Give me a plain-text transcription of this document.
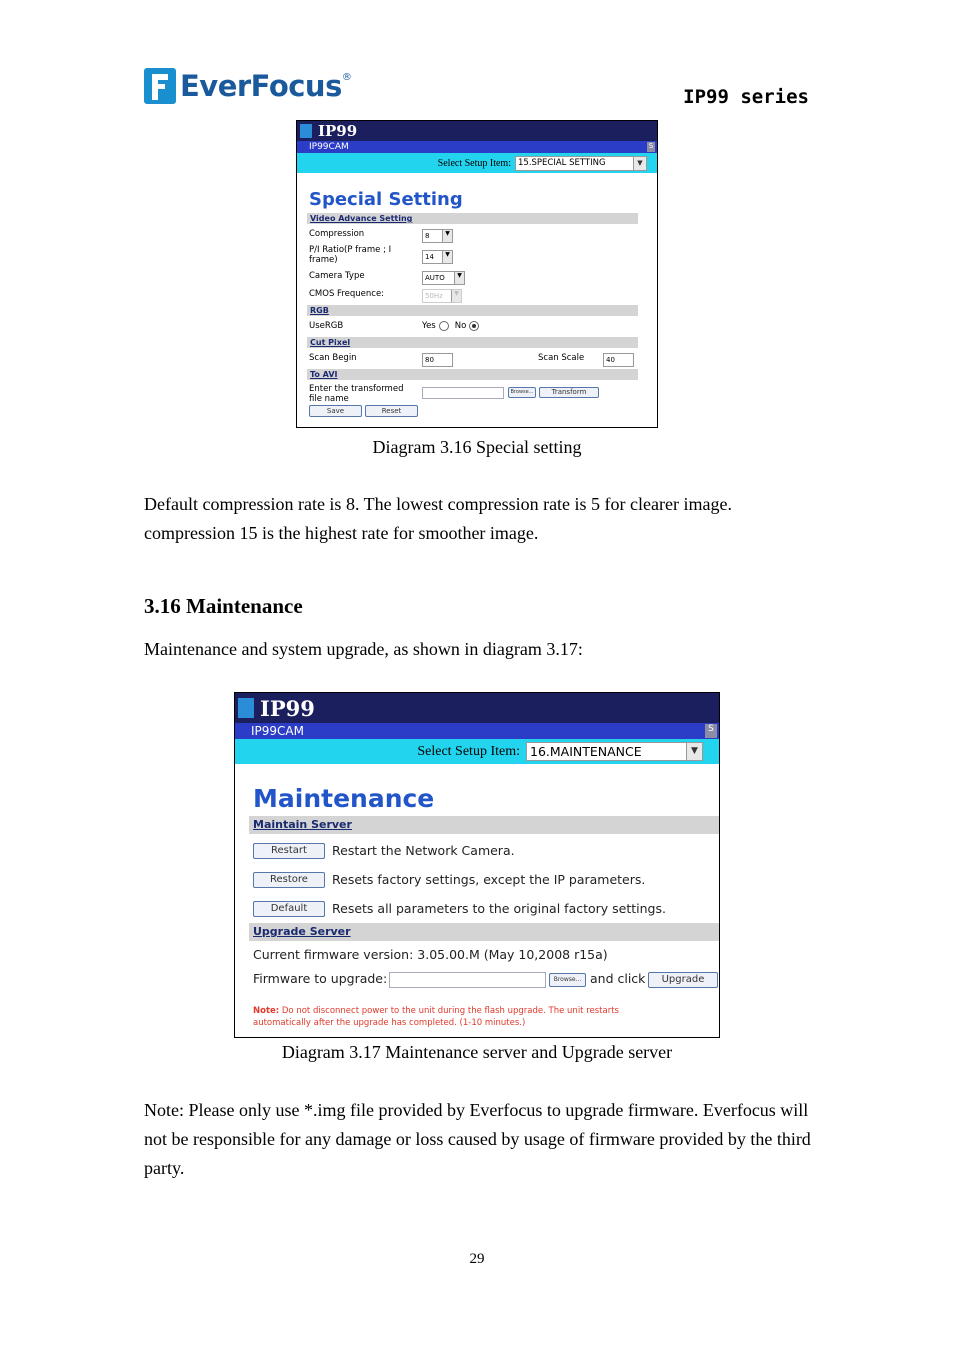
EverFocus ®
IP99 series
IP99
IP99CAM	S
Select Setup Item: 15.SPECIAL SETTING	▼
Special Setting
Video Advance Setting
Compression	8	▼
P/I Ratio(P frame ; I frame)	14	▼
Camera Type	AUTO	▼
CMOS Frequence:	50Hz	▼
RGB
UseRGB	Yes No
Cut Pixel
Scan Begin	80	Scan Scale	40
To AVI
Enter the transformed file name
Browse...	Transform
Save	Reset
Diagram 3.16 Special setting
Default compression rate is 8. The lowest compression rate is 5 for clearer image. compression 15 is the highest rate for smoother image.
3.16 Maintenance
Maintenance and system upgrade, as shown in diagram 3.17:
IP99
IP99CAM	S
Select Setup Item: 16.MAINTENANCE	▼
Maintenance
Maintain Server
Restart	Restart the Network Camera.
Restore	Resets factory settings, except the IP parameters.
Default	Resets all parameters to the original factory settings.
Upgrade Server
Current firmware version: 3.05.00.M (May 10,2008 r15a)
Firmware to upgrade:	Browse... and click	Upgrade
Note: Do not disconnect power to the unit during the flash upgrade. The unit restarts automatically after the upgrade has completed. (1-10 minutes.)
Diagram 3.17 Maintenance server and Upgrade server
Note: Please only use *.img file provided by Everfocus to upgrade firmware. Everfocus will not be responsible for any damage or loss caused by usage of firmware provided by the third party.
29
